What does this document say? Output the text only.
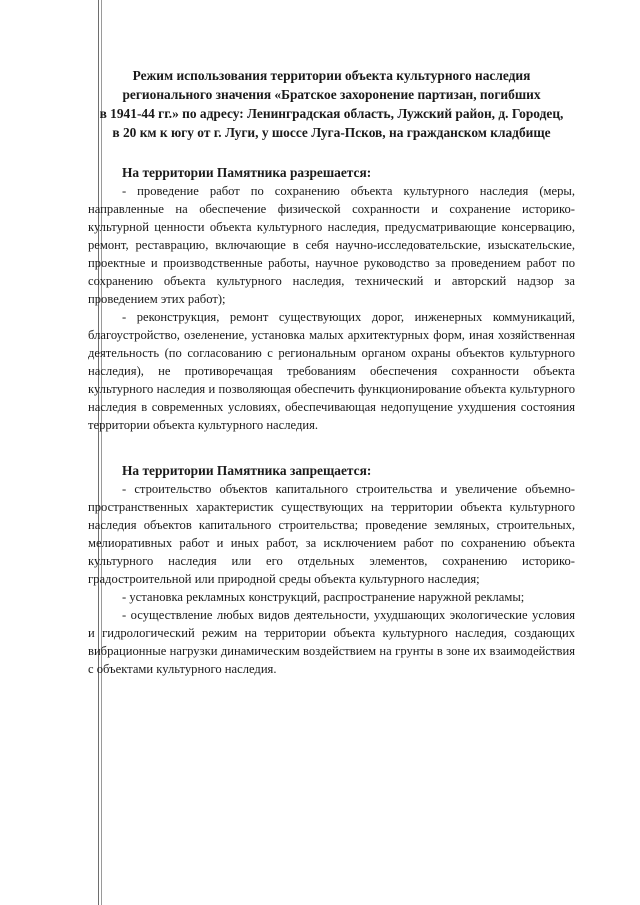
Режим использования территории объекта культурного наследия
регионального значения «Братское захоронение партизан, погибших
в 1941-44 гг.» по адресу: Ленинградская область, Лужский район, д. Городец,
в 20 км к югу от г. Луги, у шоссе Луга-Псков, на гражданском кладбище

На территории Памятника разрешается:

- проведение работ по сохранению объекта культурного наследия (меры, направленные на обеспечение физической сохранности и сохранение историко-культурной ценности объекта культурного наследия, предусматривающие консервацию, ремонт, реставрацию, включающие в себя научно-исследовательские, изыскательские, проектные и производственные работы, научное руководство за проведением работ по сохранению объекта культурного наследия, технический и авторский надзор за проведением этих работ);

- реконструкция, ремонт существующих дорог, инженерных коммуникаций, благоустройство, озеленение, установка малых архитектурных форм, иная хозяйственная деятельность (по согласованию с региональным органом охраны объектов культурного наследия), не противоречащая требованиям обеспечения сохранности объекта культурного наследия и позволяющая обеспечить функционирование объекта культурного наследия в современных условиях, обеспечивающая недопущение ухудшения состояния территории объекта культурного наследия.

На территории Памятника запрещается:

- строительство объектов капитального строительства и увеличение объемно-пространственных характеристик существующих на территории объекта культурного наследия объектов капитального строительства; проведение земляных, строительных, мелиоративных работ и иных работ, за исключением работ по сохранению объекта культурного наследия или его отдельных элементов, сохранению историко-градостроительной или природной среды объекта культурного наследия;

- установка рекламных конструкций, распространение наружной рекламы;

- осуществление любых видов деятельности, ухудшающих экологические условия и гидрологический режим на территории объекта культурного наследия, создающих вибрационные нагрузки динамическим воздействием на грунты в зоне их взаимодействия с объектами культурного наследия.
